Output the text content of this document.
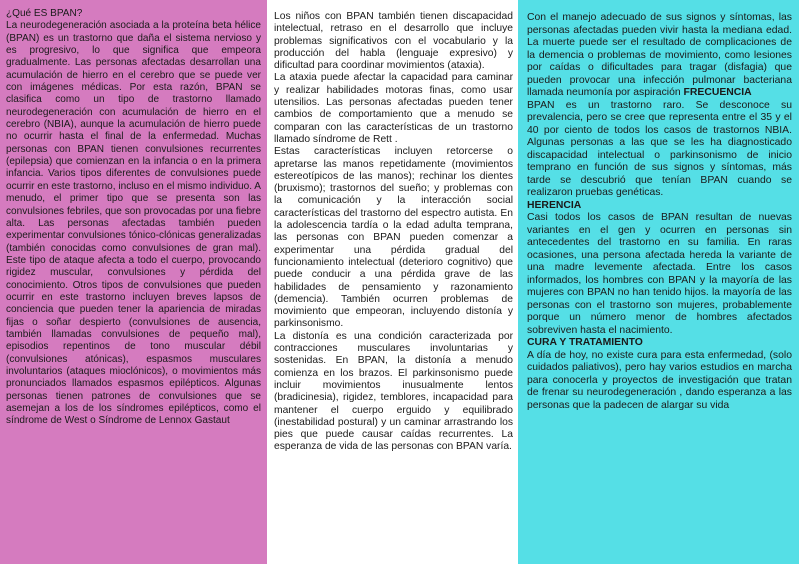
¿Qué ES BPAN?

La neurodegeneración asociada a la proteína beta hélice (BPAN) es un trastorno que daña el sistema nervioso y es progresivo, lo que significa que empeora gradualmente. Las personas afectadas desarrollan una acumulación de hierro en el cerebro que se puede ver con imágenes médicas. Por esta razón, BPAN se clasifica como un tipo de trastorno llamado neurodegeneración con acumulación de hierro en el cerebro (NBIA), aunque la acumulación de hierro puede no ocurrir hasta el final de la enfermedad. Muchas personas con BPAN tienen convulsiones recurrentes (epilepsia) que comienzan en la infancia o en la primera infancia. Varios tipos diferentes de convulsiones puede ocurrir en este trastorno, incluso en el mismo individuo. A menudo, el primer tipo que se presenta son las convulsiones febriles, que son provocadas por una fiebre alta. Las personas afectadas también pueden experimentar convulsiones tónico-clónicas generalizadas (también conocidas como convulsiones de gran mal). Este tipo de ataque afecta a todo el cuerpo, provocando rigidez muscular, convulsiones y pérdida del conocimiento. Otros tipos de convulsiones que pueden ocurrir en este trastorno incluyen breves lapsos de conciencia que pueden tener la apariencia de miradas fijas o soñar despierto (convulsiones de ausencia, también llamadas convulsiones de pequeño mal), episodios repentinos de tono muscular débil (convulsiones atónicas), espasmos musculares involuntarios (ataques mioclónicos), o movimientos más pronunciados llamados espasmos epilépticos. Algunas personas tienen patrones de convulsiones que se asemejan a los de los síndromes epilépticos, como el síndrome de West o Síndrome de Lennox Gastaut

Los niños con BPAN también tienen discapacidad intelectual, retraso en el desarrollo que incluye problemas significativos con el vocabulario y la producción del habla (lenguaje expresivo) y dificultad para coordinar movimientos (ataxia).

La ataxia puede afectar la capacidad para caminar y realizar habilidades motoras finas, como usar utensilios. Las personas afectadas pueden tener cambios de comportamiento que a menudo se comparan con las características de un trastorno llamado síndrome de Rett .

Estas características incluyen retorcerse o apretarse las manos repetidamente (movimientos estereotípicos de las manos); rechinar los dientes (bruxismo); trastornos del sueño; y problemas con la comunicación y la interacción social características del trastorno del espectro autista. En la adolescencia tardía o la edad adulta temprana, las personas con BPAN pueden comenzar a experimentar una pérdida gradual del funcionamiento intelectual (deterioro cognitivo) que puede conducir a una pérdida grave de las habilidades de pensamiento y razonamiento (demencia). También ocurren problemas de movimiento que empeoran, incluyendo distonía y parkinsonismo.

La distonía es una condición caracterizada por contracciones musculares involuntarias y sostenidas. En BPAN, la distonía a menudo comienza en los brazos. El parkinsonismo puede incluir movimientos inusualmente lentos (bradicinesia), rigidez, temblores, incapacidad para mantener el cuerpo erguido y equilibrado (inestabilidad postural) y un caminar arrastrando los pies que puede causar caídas recurrentes. La esperanza de vida de las personas con BPAN varía.

Con el manejo adecuado de sus signos y síntomas, las personas afectadas pueden vivir hasta la mediana edad. La muerte puede ser el resultado de complicaciones de la demencia o problemas de movimiento, como lesiones por caídas o dificultades para tragar (disfagia) que pueden provocar una infección pulmonar bacteriana llamada neumonía por aspiración FRECUENCIA

BPAN es un trastorno raro. Se desconoce su prevalencia, pero se cree que representa entre el 35 y el 40 por ciento de todos los casos de trastornos NBIA. Algunas personas a las que se les ha diagnosticado discapacidad intelectual o parkinsonismo de inicio temprano en función de sus signos y síntomas, más tarde se descubrió que tenían BPAN cuando se realizaron pruebas genéticas.

HERENCIA

Casi todos los casos de BPAN resultan de nuevas variantes en el gen y ocurren en personas sin antecedentes del trastorno en su familia. En raras ocasiones, una persona afectada hereda la variante de una madre levemente afectada. Entre los casos informados, los hombres con BPAN y la mayoría de las mujeres con BPAN no han tenido hijos. la mayoría de las personas con el trastorno son mujeres, probablemente porque un número menor de hombres afectados sobreviven hasta el nacimiento.

CURA Y TRATAMIENTO

A día de hoy, no existe cura para esta enfermedad, (solo cuidados paliativos), pero hay varios estudios en marcha para conocerla y proyectos de investigación que tratan de frenar su neurodegeneración , dando esperanza a las personas que la padecen de alargar su vida
